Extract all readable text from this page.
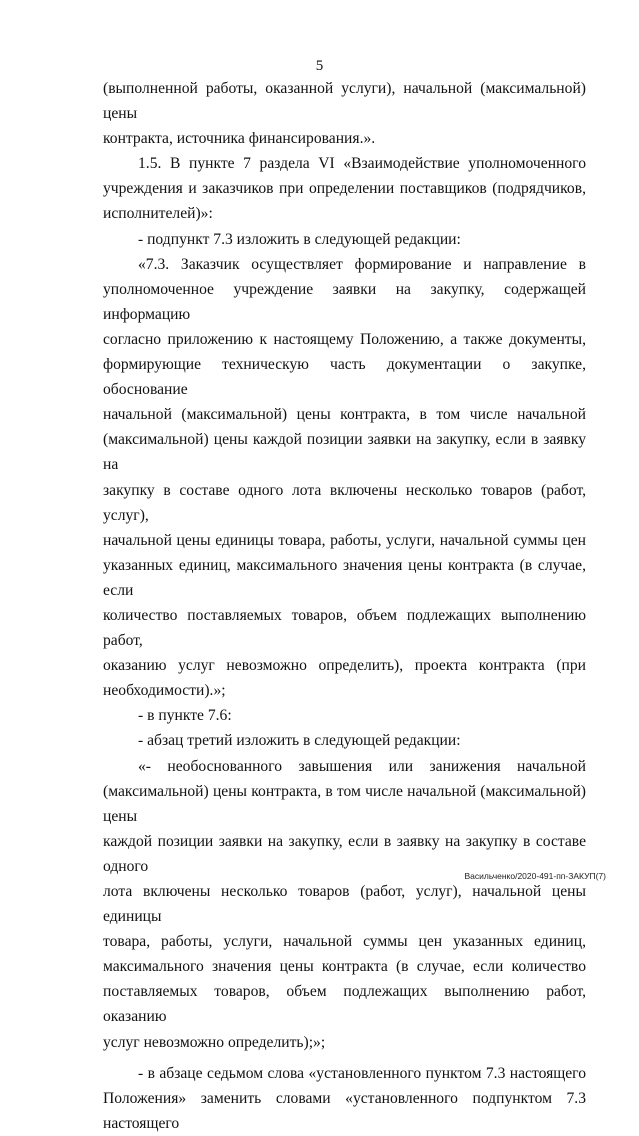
5
(выполненной работы, оказанной услуги), начальной (максимальной) цены
контракта, источника финансирования.».
1.5. В пункте 7 раздела VI «Взаимодействие уполномоченного
учреждения и заказчиков при определении поставщиков (подрядчиков,
исполнителей)»:
- подпункт 7.3 изложить в следующей редакции:
«7.3. Заказчик осуществляет формирование и направление в
уполномоченное учреждение заявки на закупку, содержащей информацию
согласно приложению к настоящему Положению, а также документы,
формирующие техническую часть документации о закупке, обоснование
начальной (максимальной) цены контракта, в том числе начальной
(максимальной) цены каждой позиции заявки на закупку, если в заявку на
закупку в составе одного лота включены несколько товаров (работ, услуг),
начальной цены единицы товара, работы, услуги, начальной суммы цен
указанных единиц, максимального значения цены контракта (в случае, если
количество поставляемых товаров, объем подлежащих выполнению работ,
оказанию услуг невозможно определить), проекта контракта (при
необходимости).»;
- в пункте 7.6:
- абзац третий изложить в следующей редакции:
«- необоснованного завышения или занижения начальной
(максимальной) цены контракта, в том числе начальной (максимальной) цены
каждой позиции заявки на закупку, если в заявку на закупку в составе одного
лота включены несколько товаров (работ, услуг), начальной цены единицы
товара, работы, услуги, начальной суммы цен указанных единиц,
максимального значения цены контракта (в случае, если количество
поставляемых товаров, объем подлежащих выполнению работ, оказанию
услуг невозможно определить);»;
- в абзаце седьмом слова «установленного пунктом 7.3 настоящего
Положения» заменить словами «установленного подпунктом 7.3 настоящего
Васильченко/2020-491-пп-ЗАКУП(7)
